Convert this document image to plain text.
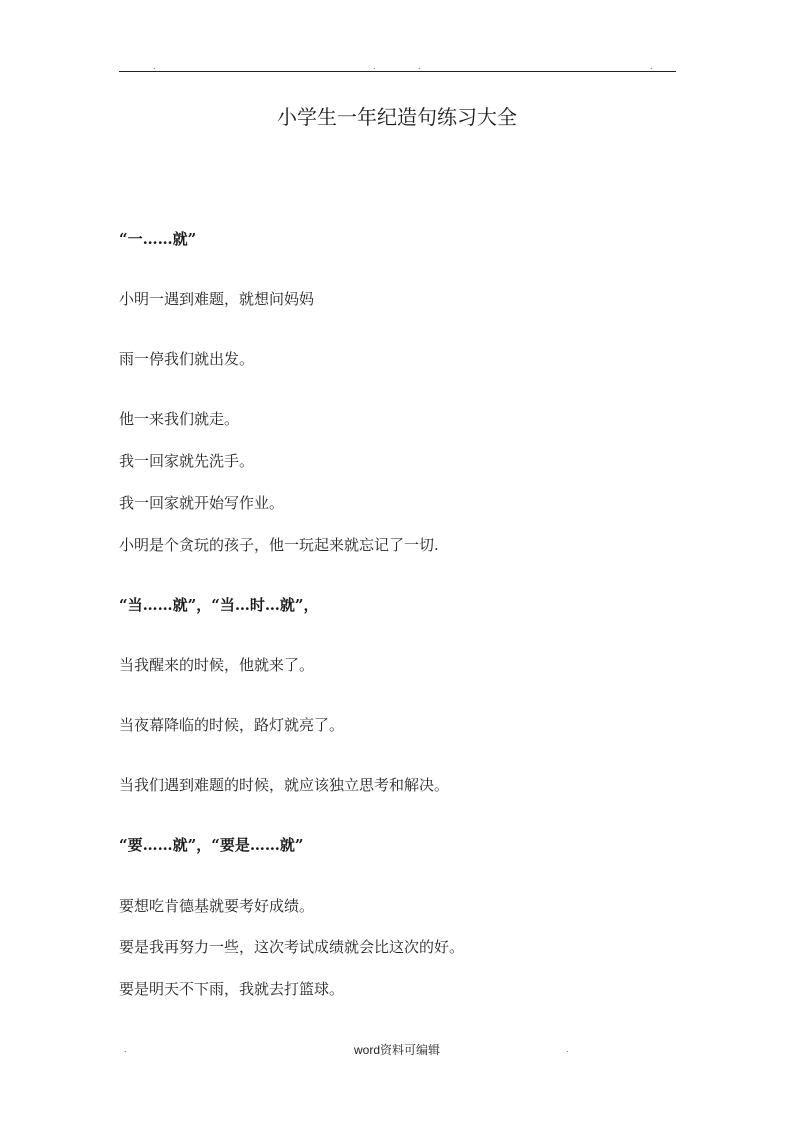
.	.	.	.
小学生一年纪造句练习大全
“一……就”
小明一遇到难题，就想问妈妈
雨一停我们就出发。
他一来我们就走。
我一回家就先洗手。
我一回家就开始写作业。
小明是个贪玩的孩子，他一玩起来就忘记了一切.
“当……就”，“当…时…就”，
当我醒来的时候，他就来了。
当夜幕降临的时候，路灯就亮了。
当我们遇到难题的时候，就应该独立思考和解决。
“要……就”，“要是……就”
要想吃肯德基就要考好成绩。
要是我再努力一些，这次考试成绩就会比这次的好。
要是明天不下雨，我就去打篮球。
.	word资料可编辑	.
